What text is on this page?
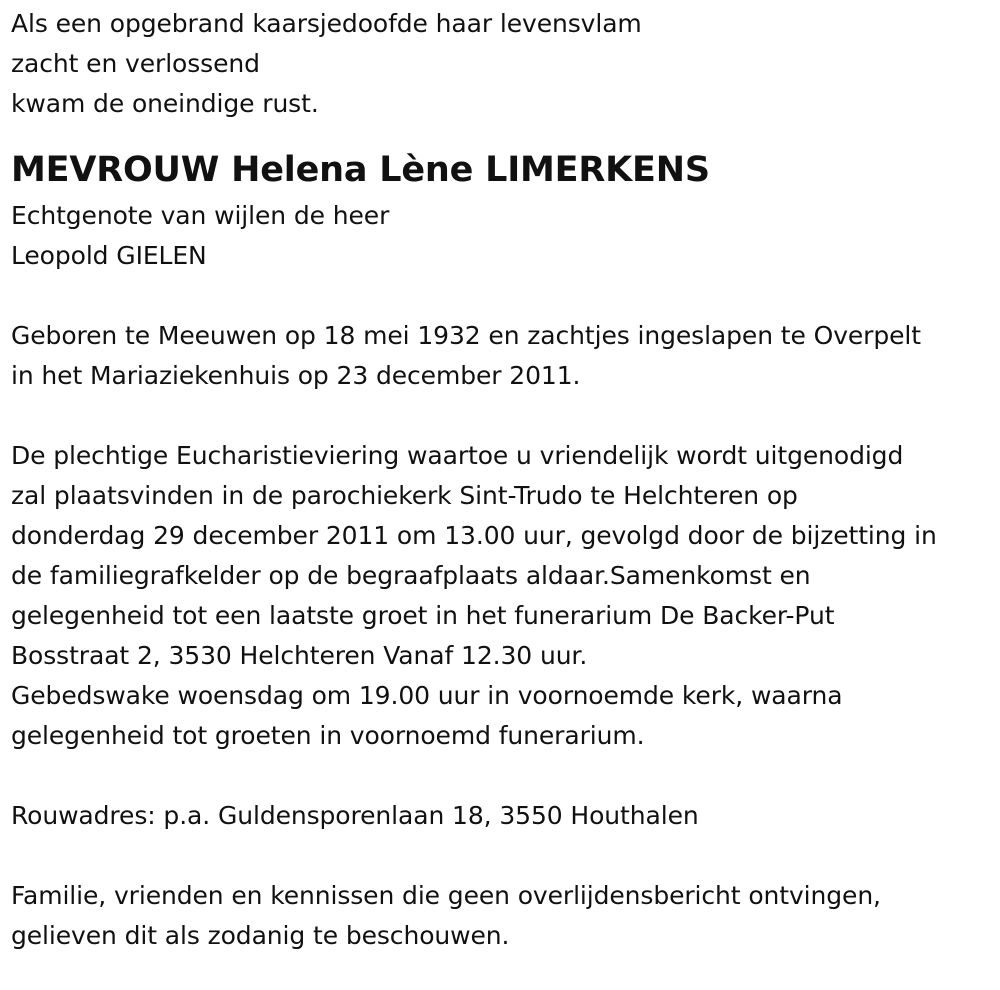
Als een opgebrand kaarsjedoofde haar levensvlam
zacht en verlossend
kwam de oneindige rust.
MEVROUW Helena Lène LIMERKENS
Echtgenote van wijlen de heer
Leopold GIELEN
Geboren te Meeuwen op 18 mei 1932 en zachtjes ingeslapen te Overpelt
in het Mariaziekenhuis op 23 december 2011.
De plechtige Eucharistieviering waartoe u vriendelijk wordt uitgenodigd
zal plaatsvinden in de parochiekerk Sint-Trudo te Helchteren op
donderdag 29 december 2011 om 13.00 uur, gevolgd door de bijzetting in
de familiegrafkelder op de begraafplaats aldaar.Samenkomst en
gelegenheid tot een laatste groet in het funerarium De Backer-Put
Bosstraat 2, 3530 Helchteren Vanaf 12.30 uur.
Gebedswake woensdag om 19.00 uur in voornoemde kerk, waarna
gelegenheid tot groeten in voornoemd funerarium.
Rouwadres: p.a. Guldensporenlaan 18, 3550 Houthalen
Familie, vrienden en kennissen die geen overlijdensbericht ontvingen,
gelieven dit als zodanig te beschouwen.
